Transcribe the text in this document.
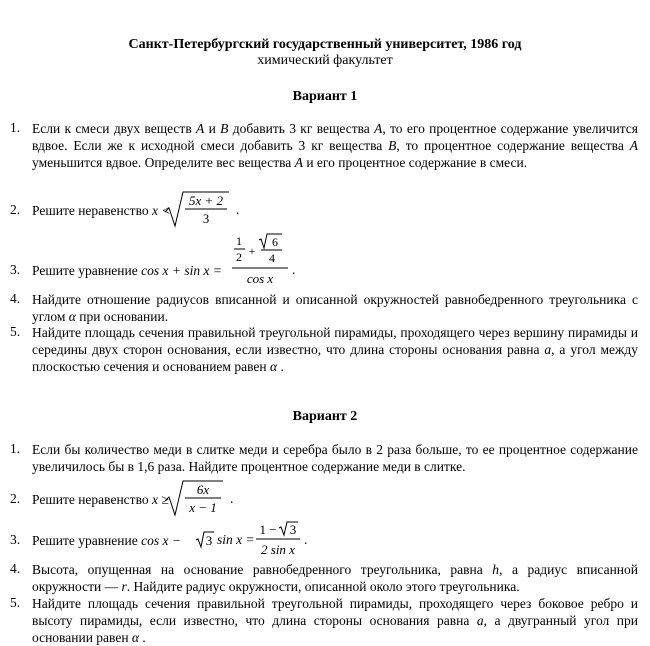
Санкт-Петербургский государственный университет, 1986 год
химический факультет
Вариант 1
1. Если к смеси двух веществ A и B добавить 3 кг вещества A, то его процентное содержание увеличится вдвое. Если же к исходной смеси добавить 3 кг вещества B, то процентное содержание вещества A уменьшится вдвое. Определите вес вещества A и его процентное содержание в смеси.
2. Решите неравенство x <
5x + 2
3
.
3. Решите уравнение cos x + sin x =
1
2 +
6
4
cos x
.
4. Найдите отношение радиусов вписанной и описанной окружностей равнобедренного треугольника с углом α при основании.
5. Найдите площадь сечения правильной треугольной пирамиды, проходящего через вершину пирамиды и середины двух сторон основания, если известно, что длина стороны основания равна a, а угол между плоскостью сечения и основанием равен α .
Вариант 2
1. Если бы количество меди в слитке меди и серебра было в 2 раза больше, то ее процентное содержание увеличилось бы в 1,6 раза. Найдите процентное содержание меди в слитке.
2. Решите неравенство x ≥
6x
x − 1
.
3. Решите уравнение cos x −	3 sin x =
1 − 3
2 sin x
.
4. Высота, опущенная на основание равнобедренного треугольника, равна h, а радиус вписанной окружности — r. Найдите радиус окружности, описанной около этого треугольника.
5. Найдите площадь сечения правильной треугольной пирамиды, проходящего через боковое ребро и высоту пирамиды, если известно, что длина стороны основания равна a, а двугранный угол при основании равен α .
